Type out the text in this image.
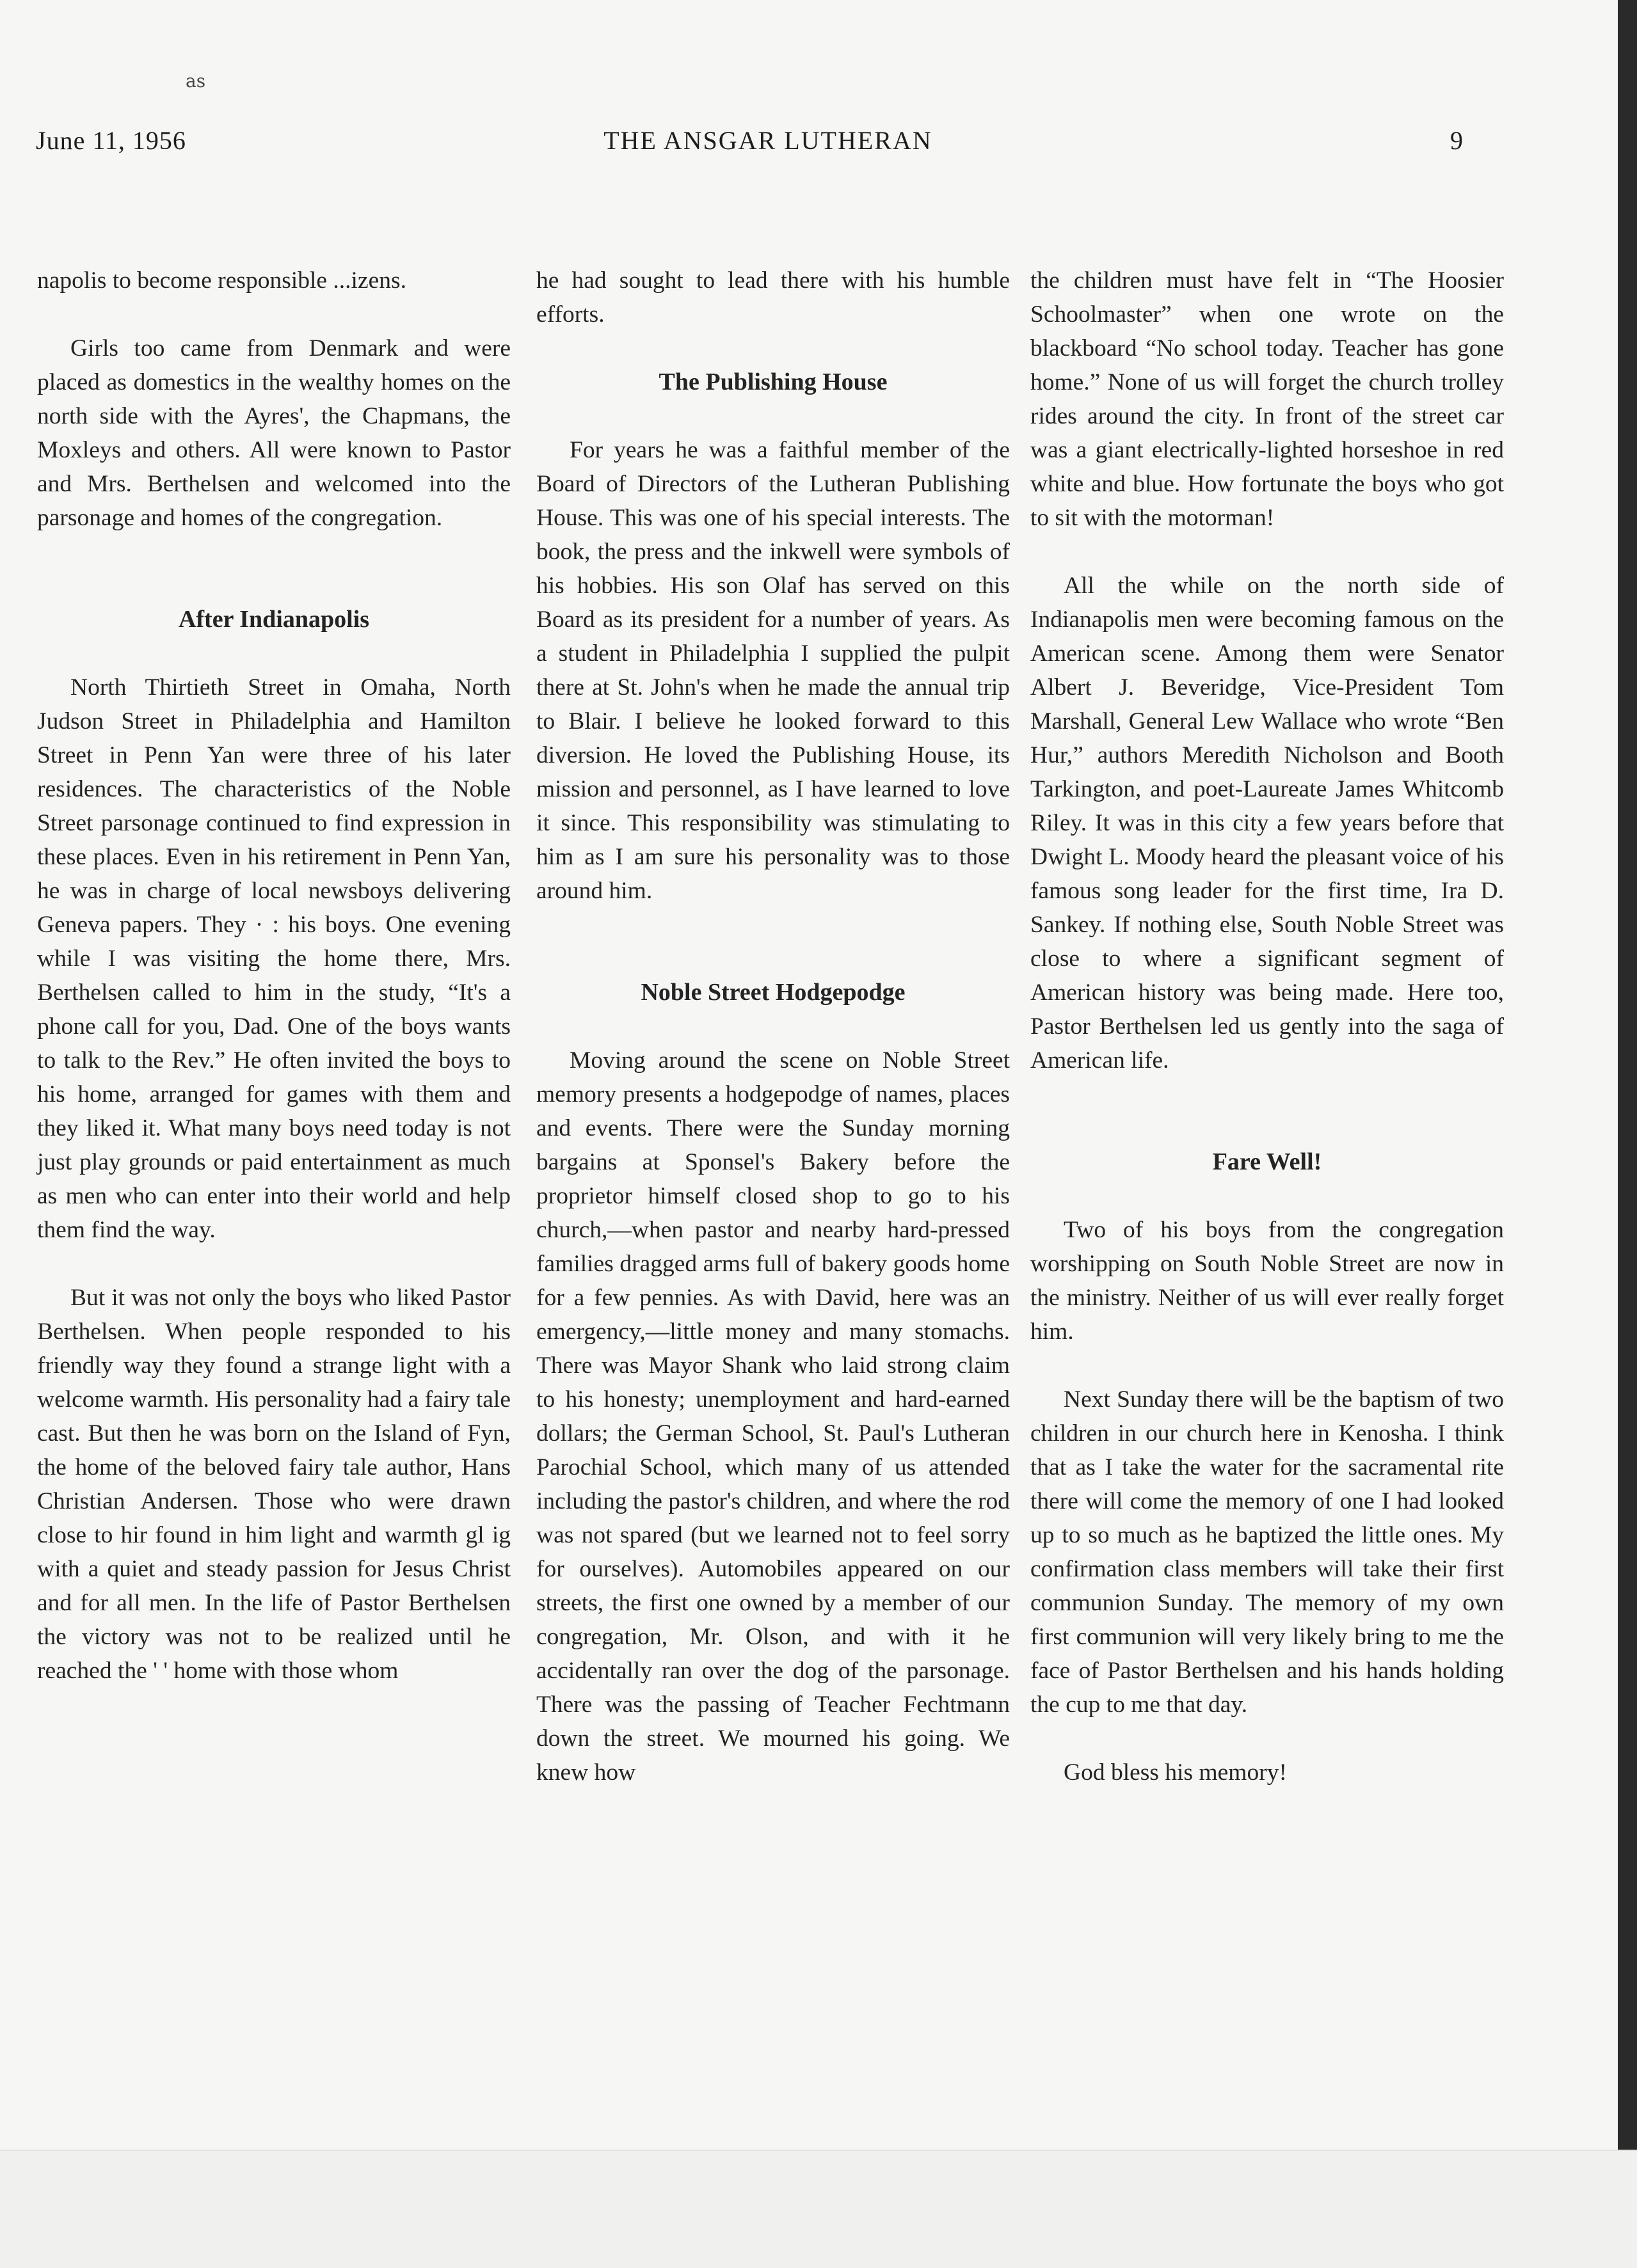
as
June 11, 1956	THE ANSGAR LUTHERAN	9

napolis to become responsible ...izens.

Girls too came from Denmark and were placed as domestics in the wealthy homes on the north side with the Ayres', the Chapmans, the Moxleys and others. All were known to Pastor and Mrs. Berthelsen and welcomed into the parsonage and homes of the congregation.

After Indianapolis

North Thirtieth Street in Omaha, North Judson Street in Philadelphia and Hamilton Street in Penn Yan were three of his later residences. The characteristics of the Noble Street parsonage continued to find expression in these places. Even in his retirement in Penn Yan, he was in charge of local newsboys delivering Geneva papers. They · : his boys. One evening while I was visiting the home there, Mrs. Berthelsen called to him in the study, “It's a phone call for you, Dad. One of the boys wants to talk to the Rev.” He often invited the boys to his home, arranged for games with them and they liked it. What many boys need today is not just play grounds or paid entertainment as much as men who can enter into their world and help them find the way.

But it was not only the boys who liked Pastor Berthelsen. When people responded to his friendly way they found a strange light with a welcome warmth. His personality had a fairy tale cast. But then he was born on the Island of Fyn, the home of the beloved fairy tale author, Hans Christian Andersen. Those who were drawn close to hir found in him light and warmth gl ig with a quiet and steady passion for Jesus Christ and for all men. In the life of Pastor Berthelsen the victory was not to be realized until he reached the ' ' home with those whom

he had sought to lead there with his humble efforts.

The Publishing House

For years he was a faithful member of the Board of Directors of the Lutheran Publishing House. This was one of his special interests. The book, the press and the inkwell were symbols of his hobbies. His son Olaf has served on this Board as its president for a number of years. As a student in Philadelphia I supplied the pulpit there at St. John's when he made the annual trip to Blair. I believe he looked forward to this diversion. He loved the Publishing House, its mission and personnel, as I have learned to love it since. This responsibility was stimulating to him as I am sure his personality was to those around him.

Noble Street Hodgepodge

Moving around the scene on Noble Street memory presents a hodgepodge of names, places and events. There were the Sunday morning bargains at Sponsel's Bakery before the proprietor himself closed shop to go to his church,—when pastor and nearby hard-pressed families dragged arms full of bakery goods home for a few pennies. As with David, here was an emergency,—little money and many stomachs. There was Mayor Shank who laid strong claim to his honesty; unemployment and hard-earned dollars; the German School, St. Paul's Lutheran Parochial School, which many of us attended including the pastor's children, and where the rod was not spared (but we learned not to feel sorry for ourselves). Automobiles appeared on our streets, the first one owned by a member of our congregation, Mr. Olson, and with it he accidentally ran over the dog of the parsonage. There was the passing of Teacher Fechtmann down the street. We mourned his going. We knew how

the children must have felt in “The Hoosier Schoolmaster” when one wrote on the blackboard “No school today. Teacher has gone home.” None of us will forget the church trolley rides around the city. In front of the street car was a giant electrically-lighted horseshoe in red white and blue. How fortunate the boys who got to sit with the motorman!

All the while on the north side of Indianapolis men were becoming famous on the American scene. Among them were Senator Albert J. Beveridge, Vice-President Tom Marshall, General Lew Wallace who wrote “Ben Hur,” authors Meredith Nicholson and Booth Tarkington, and poet-Laureate James Whitcomb Riley. It was in this city a few years before that Dwight L. Moody heard the pleasant voice of his famous song leader for the first time, Ira D. Sankey. If nothing else, South Noble Street was close to where a significant segment of American history was being made. Here too, Pastor Berthelsen led us gently into the saga of American life.

Fare Well!

Two of his boys from the congregation worshipping on South Noble Street are now in the ministry. Neither of us will ever really forget him.

Next Sunday there will be the baptism of two children in our church here in Kenosha. I think that as I take the water for the sacramental rite there will come the memory of one I had looked up to so much as he baptized the little ones. My confirmation class members will take their first communion Sunday. The memory of my own first communion will very likely bring to me the face of Pastor Berthelsen and his hands holding the cup to me that day.

God bless his memory!
